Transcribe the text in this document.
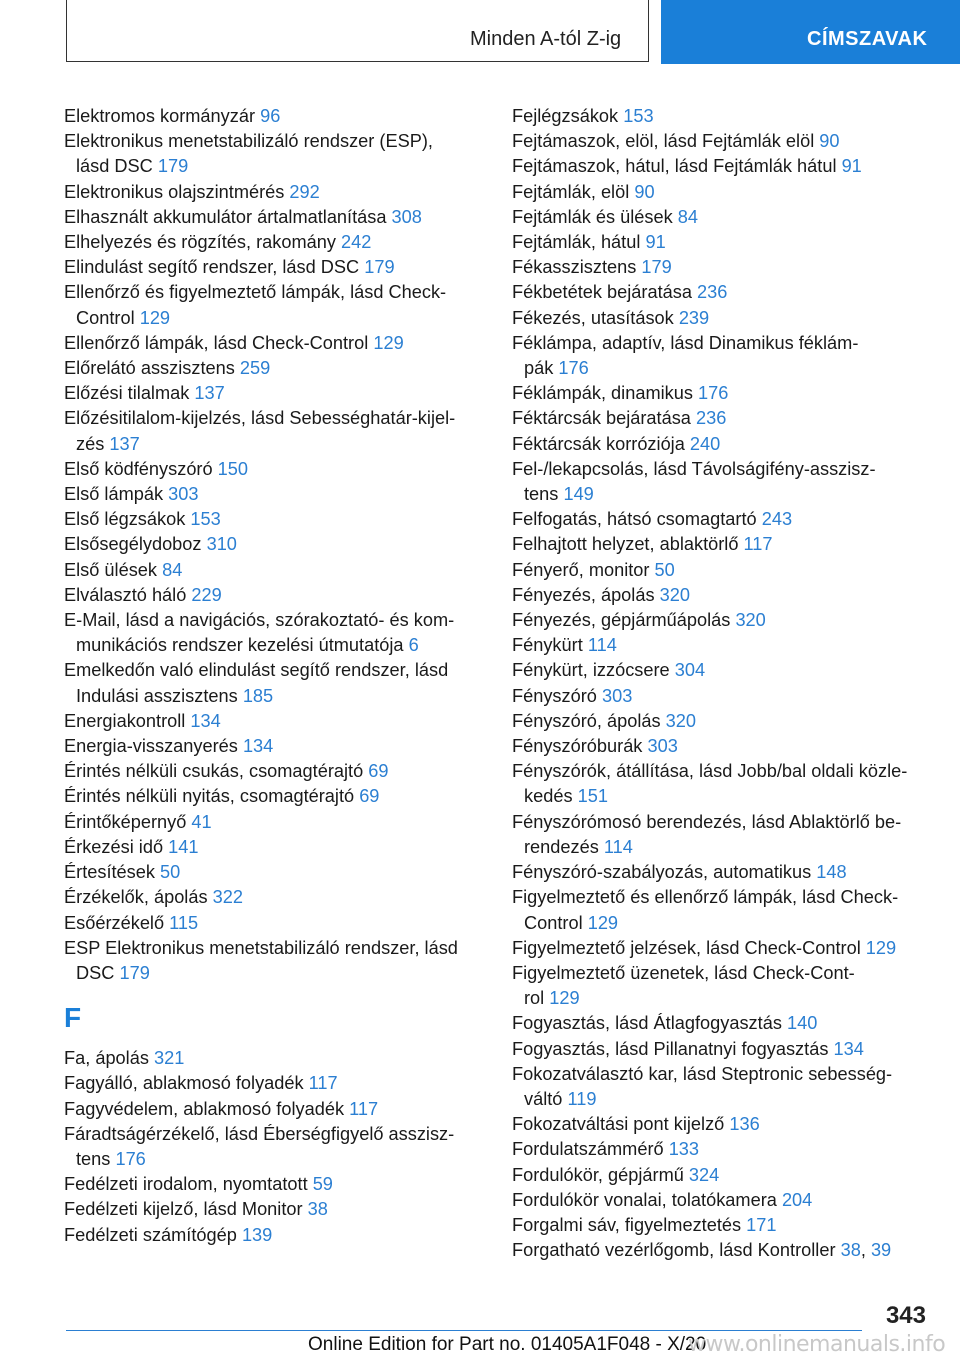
Minden A-tól Z-ig	CÍMSZAVAK
Elektromos kormányzár 96
Elektronikus menetstabilizáló rendszer (ESP),
lásd DSC 179
Elektronikus olajszintmérés 292
Elhasznált akkumulátor ártalmatlanítása 308
Elhelyezés és rögzítés, rakomány 242
Elindulást segítő rendszer, lásd DSC 179
Ellenőrző és figyelmeztető lámpák, lásd Check-
Control 129
Ellenőrző lámpák, lásd Check-Control 129
Előrelátó asszisztens 259
Előzési tilalmak 137
Előzésitilalom-kijelzés, lásd Sebességhatár-kijel-
zés 137
Első ködfényszóró 150
Első lámpák 303
Első légzsákok 153
Elsősegélydoboz 310
Első ülések 84
Elválasztó háló 229
E-Mail, lásd a navigációs, szórakoztató- és kom-
munikációs rendszer kezelési útmutatója 6
Emelkedőn való elindulást segítő rendszer, lásd
Indulási asszisztens 185
Energiakontroll 134
Energia-visszanyerés 134
Érintés nélküli csukás, csomagtérajtó 69
Érintés nélküli nyitás, csomagtérajtó 69
Érintőképernyő 41
Érkezési idő 141
Értesítések 50
Érzékelők, ápolás 322
Esőérzékelő 115
ESP Elektronikus menetstabilizáló rendszer, lásd
DSC 179
F
Fa, ápolás 321
Fagyálló, ablakmosó folyadék 117
Fagyvédelem, ablakmosó folyadék 117
Fáradtságérzékelő, lásd Éberségfigyelő asszisz-
tens 176
Fedélzeti irodalom, nyomtatott 59
Fedélzeti kijelző, lásd Monitor 38
Fedélzeti számítógép 139
Fejlégzsákok 153
Fejtámaszok, elöl, lásd Fejtámlák elöl 90
Fejtámaszok, hátul, lásd Fejtámlák hátul 91
Fejtámlák, elöl 90
Fejtámlák és ülések 84
Fejtámlák, hátul 91
Fékasszisztens 179
Fékbetétek bejáratása 236
Fékezés, utasítások 239
Féklámpa, adaptív, lásd Dinamikus féklám-
pák 176
Féklámpák, dinamikus 176
Féktárcsák bejáratása 236
Féktárcsák korróziója 240
Fel-/lekapcsolás, lásd Távolságifény-asszisz-
tens 149
Felfogatás, hátsó csomagtartó 243
Felhajtott helyzet, ablaktörlő 117
Fényerő, monitor 50
Fényezés, ápolás 320
Fényezés, gépjárműápolás 320
Fénykürt 114
Fénykürt, izzócsere 304
Fényszóró 303
Fényszóró, ápolás 320
Fényszóróburák 303
Fényszórók, átállítása, lásd Jobb/bal oldali közle-
kedés 151
Fényszórómosó berendezés, lásd Ablaktörlő be-
rendezés 114
Fényszóró-szabályozás, automatikus 148
Figyelmeztető és ellenőrző lámpák, lásd Check-
Control 129
Figyelmeztető jelzések, lásd Check-Control 129
Figyelmeztető üzenetek, lásd Check-Cont-
rol 129
Fogyasztás, lásd Átlagfogyasztás 140
Fogyasztás, lásd Pillanatnyi fogyasztás 134
Fokozatválasztó kar, lásd Steptronic sebesség-
váltó 119
Fokozatváltási pont kijelző 136
Fordulatszámmérő 133
Fordulókör, gépjármű 324
Fordulókör vonalai, tolatókamera 204
Forgalmi sáv, figyelmeztetés 171
Forgatható vezérlőgomb, lásd Kontroller 38, 39
343
Online Edition for Part no. 01405A1F048 - X/20
www.onlinemanuals.info
